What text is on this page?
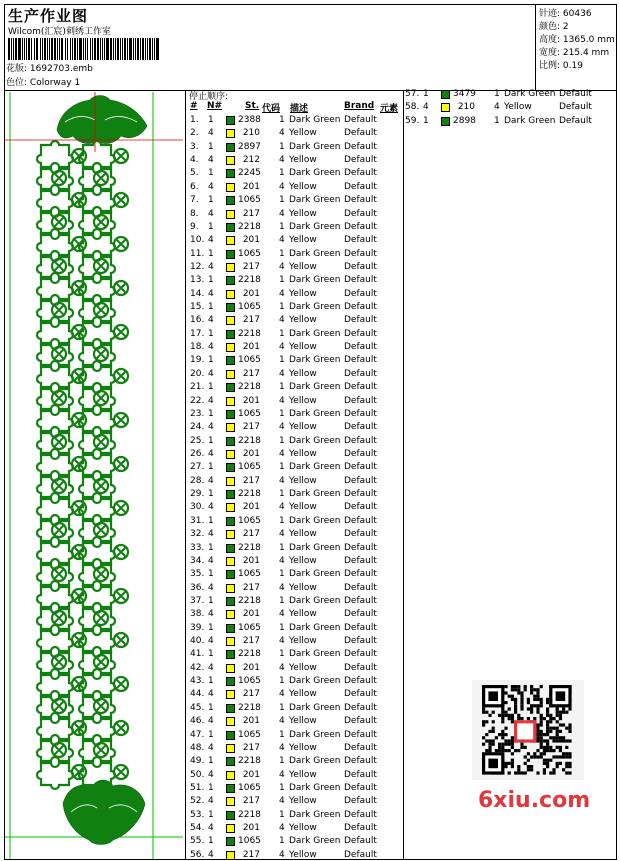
生产作业图
Wilcom(汇宸)刺绣工作室
花版: 1692703.emb
色位: Colorway 1
针迹: 60436
颜色: 2
高度: 1365.0 mm
宽度: 215.4 mm
比例: 0.19
停止顺序:
# N#	St. 代码 描述	Brand 元素
1. 1	2388 1 Dark Green Default
2. 4	210 4 Yellow	Default
3. 1	2897 1 Dark Green Default
4. 4	212 4 Yellow	Default
5. 1	2245 1 Dark Green Default
6. 4	201 4 Yellow	Default
7. 1	1065 1 Dark Green Default
8. 4	217 4 Yellow	Default
9. 1	2218 1 Dark Green Default
10. 4	201 4 Yellow	Default
11. 1	1065 1 Dark Green Default
12. 4	217 4 Yellow	Default
13. 1	2218 1 Dark Green Default
14. 4	201 4 Yellow	Default
15. 1	1065 1 Dark Green Default
16. 4	217 4 Yellow	Default
17. 1	2218 1 Dark Green Default
18. 4	201 4 Yellow	Default
19. 1	1065 1 Dark Green Default
20. 4	217 4 Yellow	Default
21. 1	2218 1 Dark Green Default
22. 4	201 4 Yellow	Default
23. 1	1065 1 Dark Green Default
24. 4	217 4 Yellow	Default
25. 1	2218 1 Dark Green Default
26. 4	201 4 Yellow	Default
27. 1	1065 1 Dark Green Default
28. 4	217 4 Yellow	Default
29. 1	2218 1 Dark Green Default
30. 4	201 4 Yellow	Default
31. 1	1065 1 Dark Green Default
32. 4	217 4 Yellow	Default
33. 1	2218 1 Dark Green Default
34. 4	201 4 Yellow	Default
35. 1	1065 1 Dark Green Default
36. 4	217 4 Yellow	Default
37. 1	2218 1 Dark Green Default
38. 4	201 4 Yellow	Default
39. 1	1065 1 Dark Green Default
40. 4	217 4 Yellow	Default
41. 1	2218 1 Dark Green Default
42. 4	201 4 Yellow	Default
43. 1	1065 1 Dark Green Default
44. 4	217 4 Yellow	Default
45. 1	2218 1 Dark Green Default
46. 4	201 4 Yellow	Default
47. 1	1065 1 Dark Green Default
48. 4	217 4 Yellow	Default
49. 1	2218 1 Dark Green Default
50. 4	201 4 Yellow	Default
51. 1	1065 1 Dark Green Default
52. 4	217 4 Yellow	Default
53. 1	2218 1 Dark Green Default
54. 4	201 4 Yellow	Default
55. 1	1065 1 Dark Green Default
56. 4	217 4 Yellow	Default
57. 1	3479 1 Dark Green Default
58. 4	210 4 Yellow	Default
59. 1	2898 1 Dark Green Default
6xiu.com
